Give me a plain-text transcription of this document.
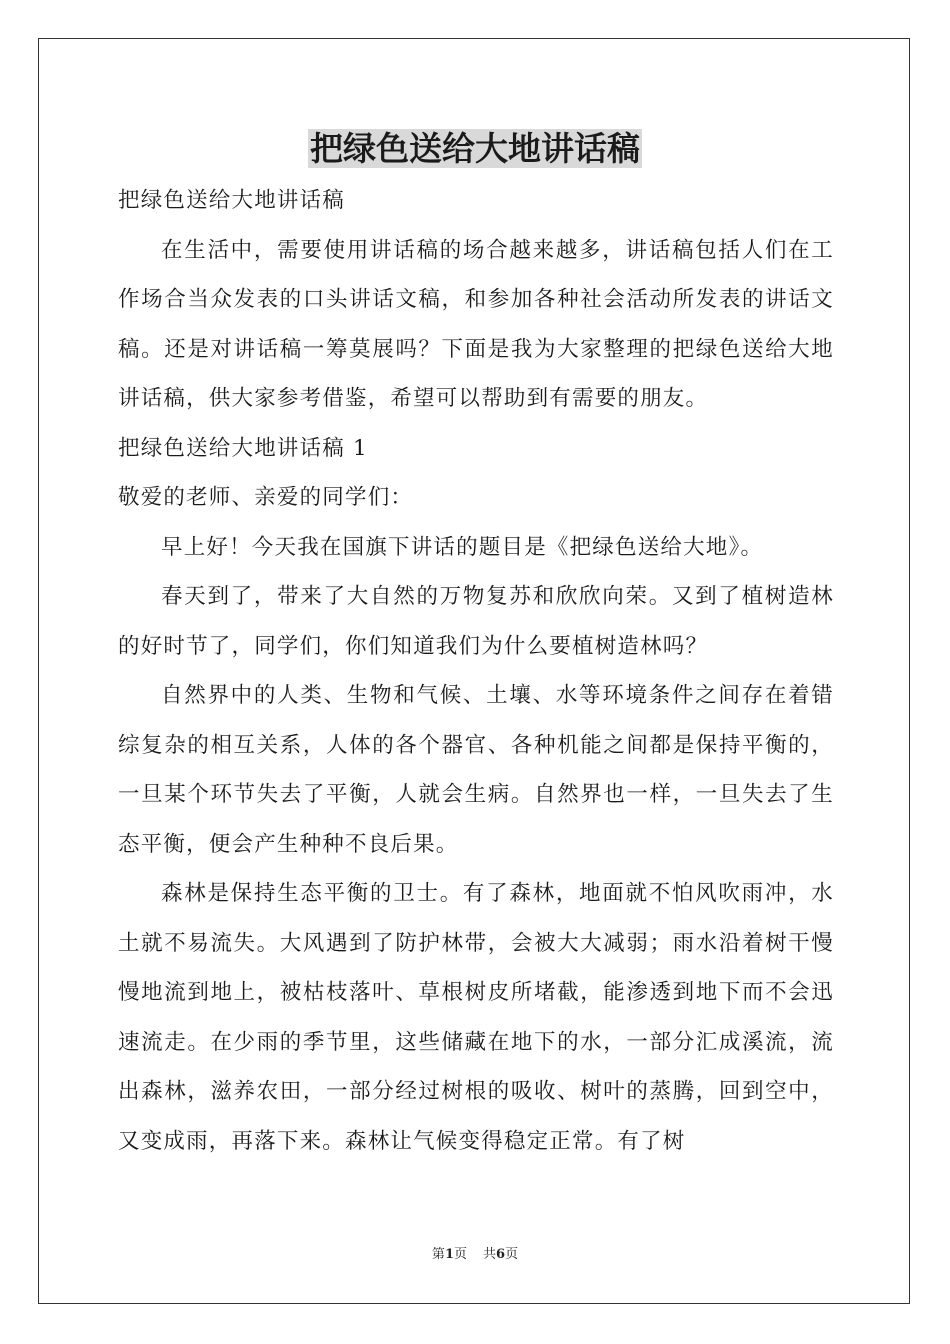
把绿色送给大地讲话稿

把绿色送给大地讲话稿

在生活中，需要使用讲话稿的场合越来越多，讲话稿包括人们在工作场合当众发表的口头讲话文稿，和参加各种社会活动所发表的讲话文稿。还是对讲话稿一筹莫展吗？下面是我为大家整理的把绿色送给大地讲话稿，供大家参考借鉴，希望可以帮助到有需要的朋友。

把绿色送给大地讲话稿 1

敬爱的老师、亲爱的同学们：

早上好！今天我在国旗下讲话的题目是《把绿色送给大地》。

春天到了，带来了大自然的万物复苏和欣欣向荣。又到了植树造林的好时节了，同学们，你们知道我们为什么要植树造林吗？

自然界中的人类、生物和气候、土壤、水等环境条件之间存在着错综复杂的相互关系，人体的各个器官、各种机能之间都是保持平衡的，一旦某个环节失去了平衡，人就会生病。自然界也一样，一旦失去了生态平衡，便会产生种种不良后果。

森林是保持生态平衡的卫士。有了森林，地面就不怕风吹雨冲，水土就不易流失。大风遇到了防护林带，会被大大减弱；雨水沿着树干慢慢地流到地上，被枯枝落叶、草根树皮所堵截，能渗透到地下而不会迅速流走。在少雨的季节里，这些储藏在地下的水，一部分汇成溪流，流出森林，滋养农田，一部分经过树根的吸收、树叶的蒸腾，回到空中，又变成雨，再落下来。森林让气候变得稳定正常。有了树

第1页 共6页
